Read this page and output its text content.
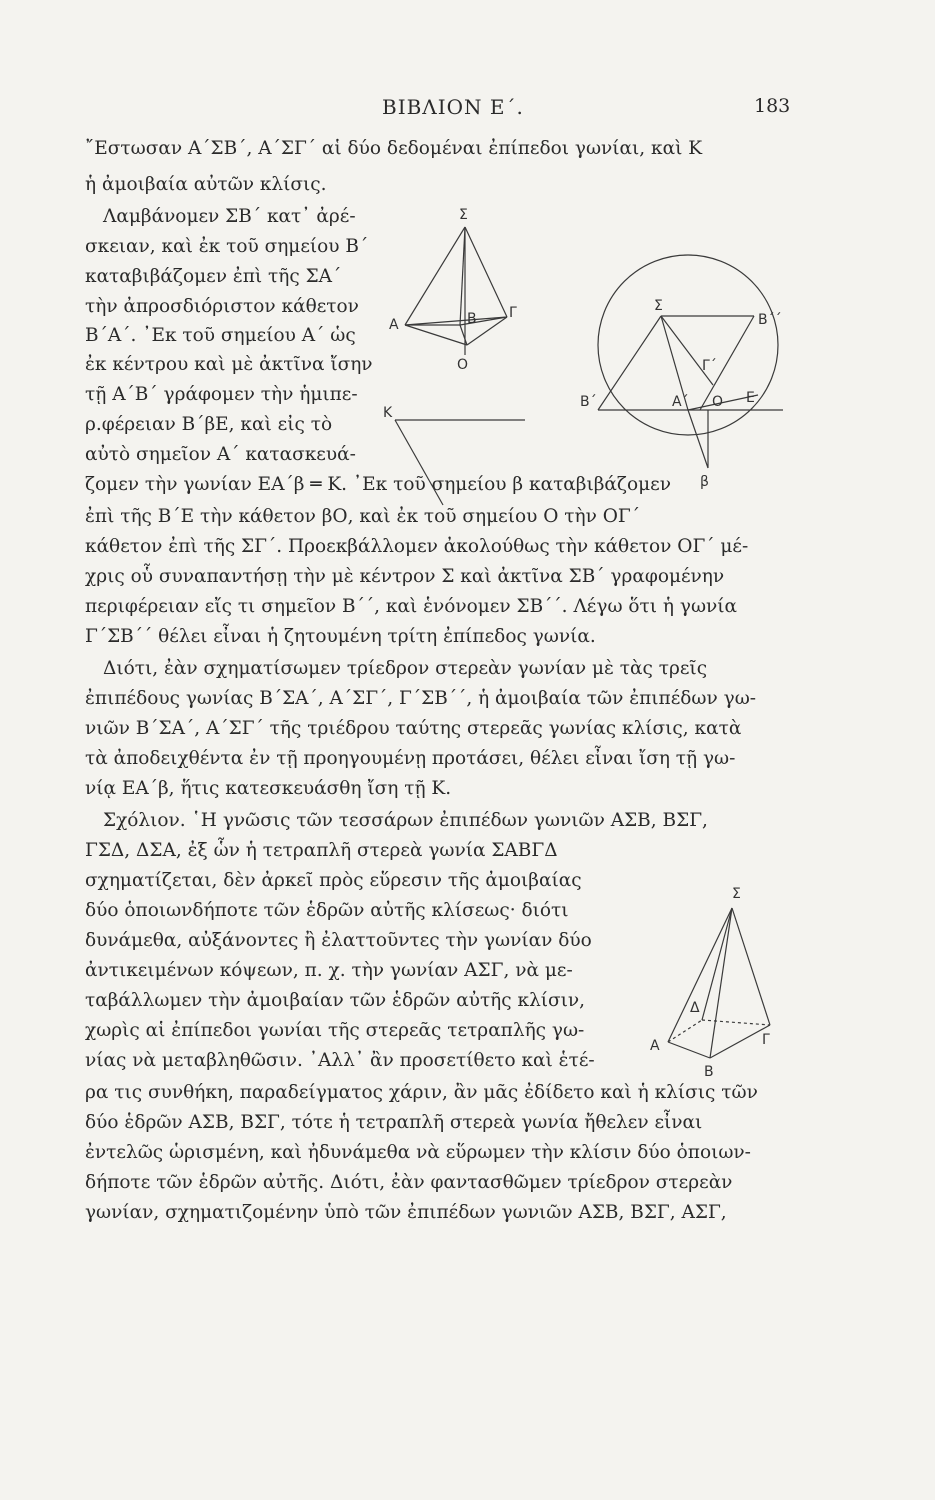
ΒΙΒΛΙΟΝ Ε΄.	183
῎Εστωσαν Α΄ΣΒ΄, Α΄ΣΓ΄ αἱ δύο δεδομέναι ἐπίπεδοι γωνίαι, καὶ Κ
ἡ ἀμοιβαία αὐτῶν κλίσις.
Λαμβάνομεν ΣΒ΄ κατ᾽ ἀρέ-
σκειαν, καὶ ἐκ τοῦ σημείου Β΄
καταβιβάζομεν ἐπὶ τῆς ΣΑ΄
τὴν ἀπροσδιόριστον κάθετον
Β΄Α΄. ᾿Εκ τοῦ σημείου Α΄ ὡς
ἐκ κέντρου καὶ μὲ ἀκτῖνα ἴσην
τῇ Α΄Β΄ γράφομεν τὴν ἡμιπε-
ρ.φέρειαν Β΄βΕ, καὶ εἰς τὸ
αὐτὸ σημεῖον Α΄ κατασκευά-
ζομεν τὴν γωνίαν ΕΑ΄β ═ Κ. ᾿Εκ τοῦ σημείου β καταβιβάζομεν
ἐπὶ τῆς Β΄Ε τὴν κάθετον βΟ, καὶ ἐκ τοῦ σημείου Ο τὴν ΟΓ΄
κάθετον ἐπὶ τῆς ΣΓ΄. Προεκβάλλομεν ἀκολούθως τὴν κάθετον ΟΓ΄ μέ-
χρις οὗ συναπαντήσῃ τὴν μὲ κέντρον Σ καὶ ἀκτῖνα ΣΒ΄ γραφομένην
περιφέρειαν εἴς τι σημεῖον Β΄΄, καὶ ἑνόνομεν ΣΒ΄΄. Λέγω ὅτι ἡ γωνία
Γ΄ΣΒ΄΄ θέλει εἶναι ἡ ζητουμένη τρίτη ἐπίπεδος γωνία.
Διότι, ἐὰν σχηματίσωμεν τρίεδρον στερεὰν γωνίαν μὲ τὰς τρεῖς
ἐπιπέδους γωνίας Β΄ΣΑ΄, Α΄ΣΓ΄, Γ΄ΣΒ΄΄, ἡ ἀμοιβαία τῶν ἐπιπέδων γω-
νιῶν Β΄ΣΑ΄, Α΄ΣΓ΄ τῆς τριέδρου ταύτης στερεᾶς γωνίας κλίσις, κατὰ
τὰ ἀποδειχθέντα ἐν τῇ προηγουμένῃ προτάσει, θέλει εἶναι ἴση τῇ γω-
νίᾳ ΕΑ΄β, ἥτις κατεσκευάσθη ἴση τῇ Κ.
Σχόλιον. ῾Η γνῶσις τῶν τεσσάρων ἐπιπέδων γωνιῶν ΑΣΒ, ΒΣΓ,
ΓΣΔ, ΔΣΑ, ἐξ ὧν ἡ τετραπλῆ στερεὰ γωνία ΣΑΒΓΔ
σχηματίζεται, δὲν ἀρκεῖ πρὸς εὕρεσιν τῆς ἀμοιβαίας
δύο ὁποιωνδήποτε τῶν ἑδρῶν αὐτῆς κλίσεως· διότι
δυνάμεθα, αὐξάνοντες ἢ ἐλαττοῦντες τὴν γωνίαν δύο
ἀντικειμένων κόψεων, π. χ. τὴν γωνίαν ΑΣΓ, νὰ με-
ταβάλλωμεν τὴν ἀμοιβαίαν τῶν ἑδρῶν αὐτῆς κλίσιν,
χωρὶς αἱ ἐπίπεδοι γωνίαι τῆς στερεᾶς τετραπλῆς γω-
νίας νὰ μεταβληθῶσιν. ᾿Αλλ᾽ ἂν προσετίθετο καὶ ἑτέ-
ρα τις συνθήκη, παραδείγματος χάριν, ἂν μᾶς ἐδίδετο καὶ ἡ κλίσις τῶν
δύο ἑδρῶν ΑΣΒ, ΒΣΓ, τότε ἡ τετραπλῆ στερεὰ γωνία ἤθελεν εἶναι
ἐντελῶς ὡρισμένη, καὶ ἠδυνάμεθα νὰ εὕρωμεν τὴν κλίσιν δύο ὁποιων-
δήποτε τῶν ἑδρῶν αὐτῆς. Διότι, ἐὰν φαντασθῶμεν τρίεδρον στερεὰν
γωνίαν, σχηματιζομένην ὑπὸ τῶν ἐπιπέδων γωνιῶν ΑΣΒ, ΒΣΓ, ΑΣΓ,
Σ
Α	Β Γ
Ο
Κ
Σ
Β΄΄
Γ΄
Β΄	Α΄ Ο Ε
β
Σ
Δ
Α	Γ
Β
